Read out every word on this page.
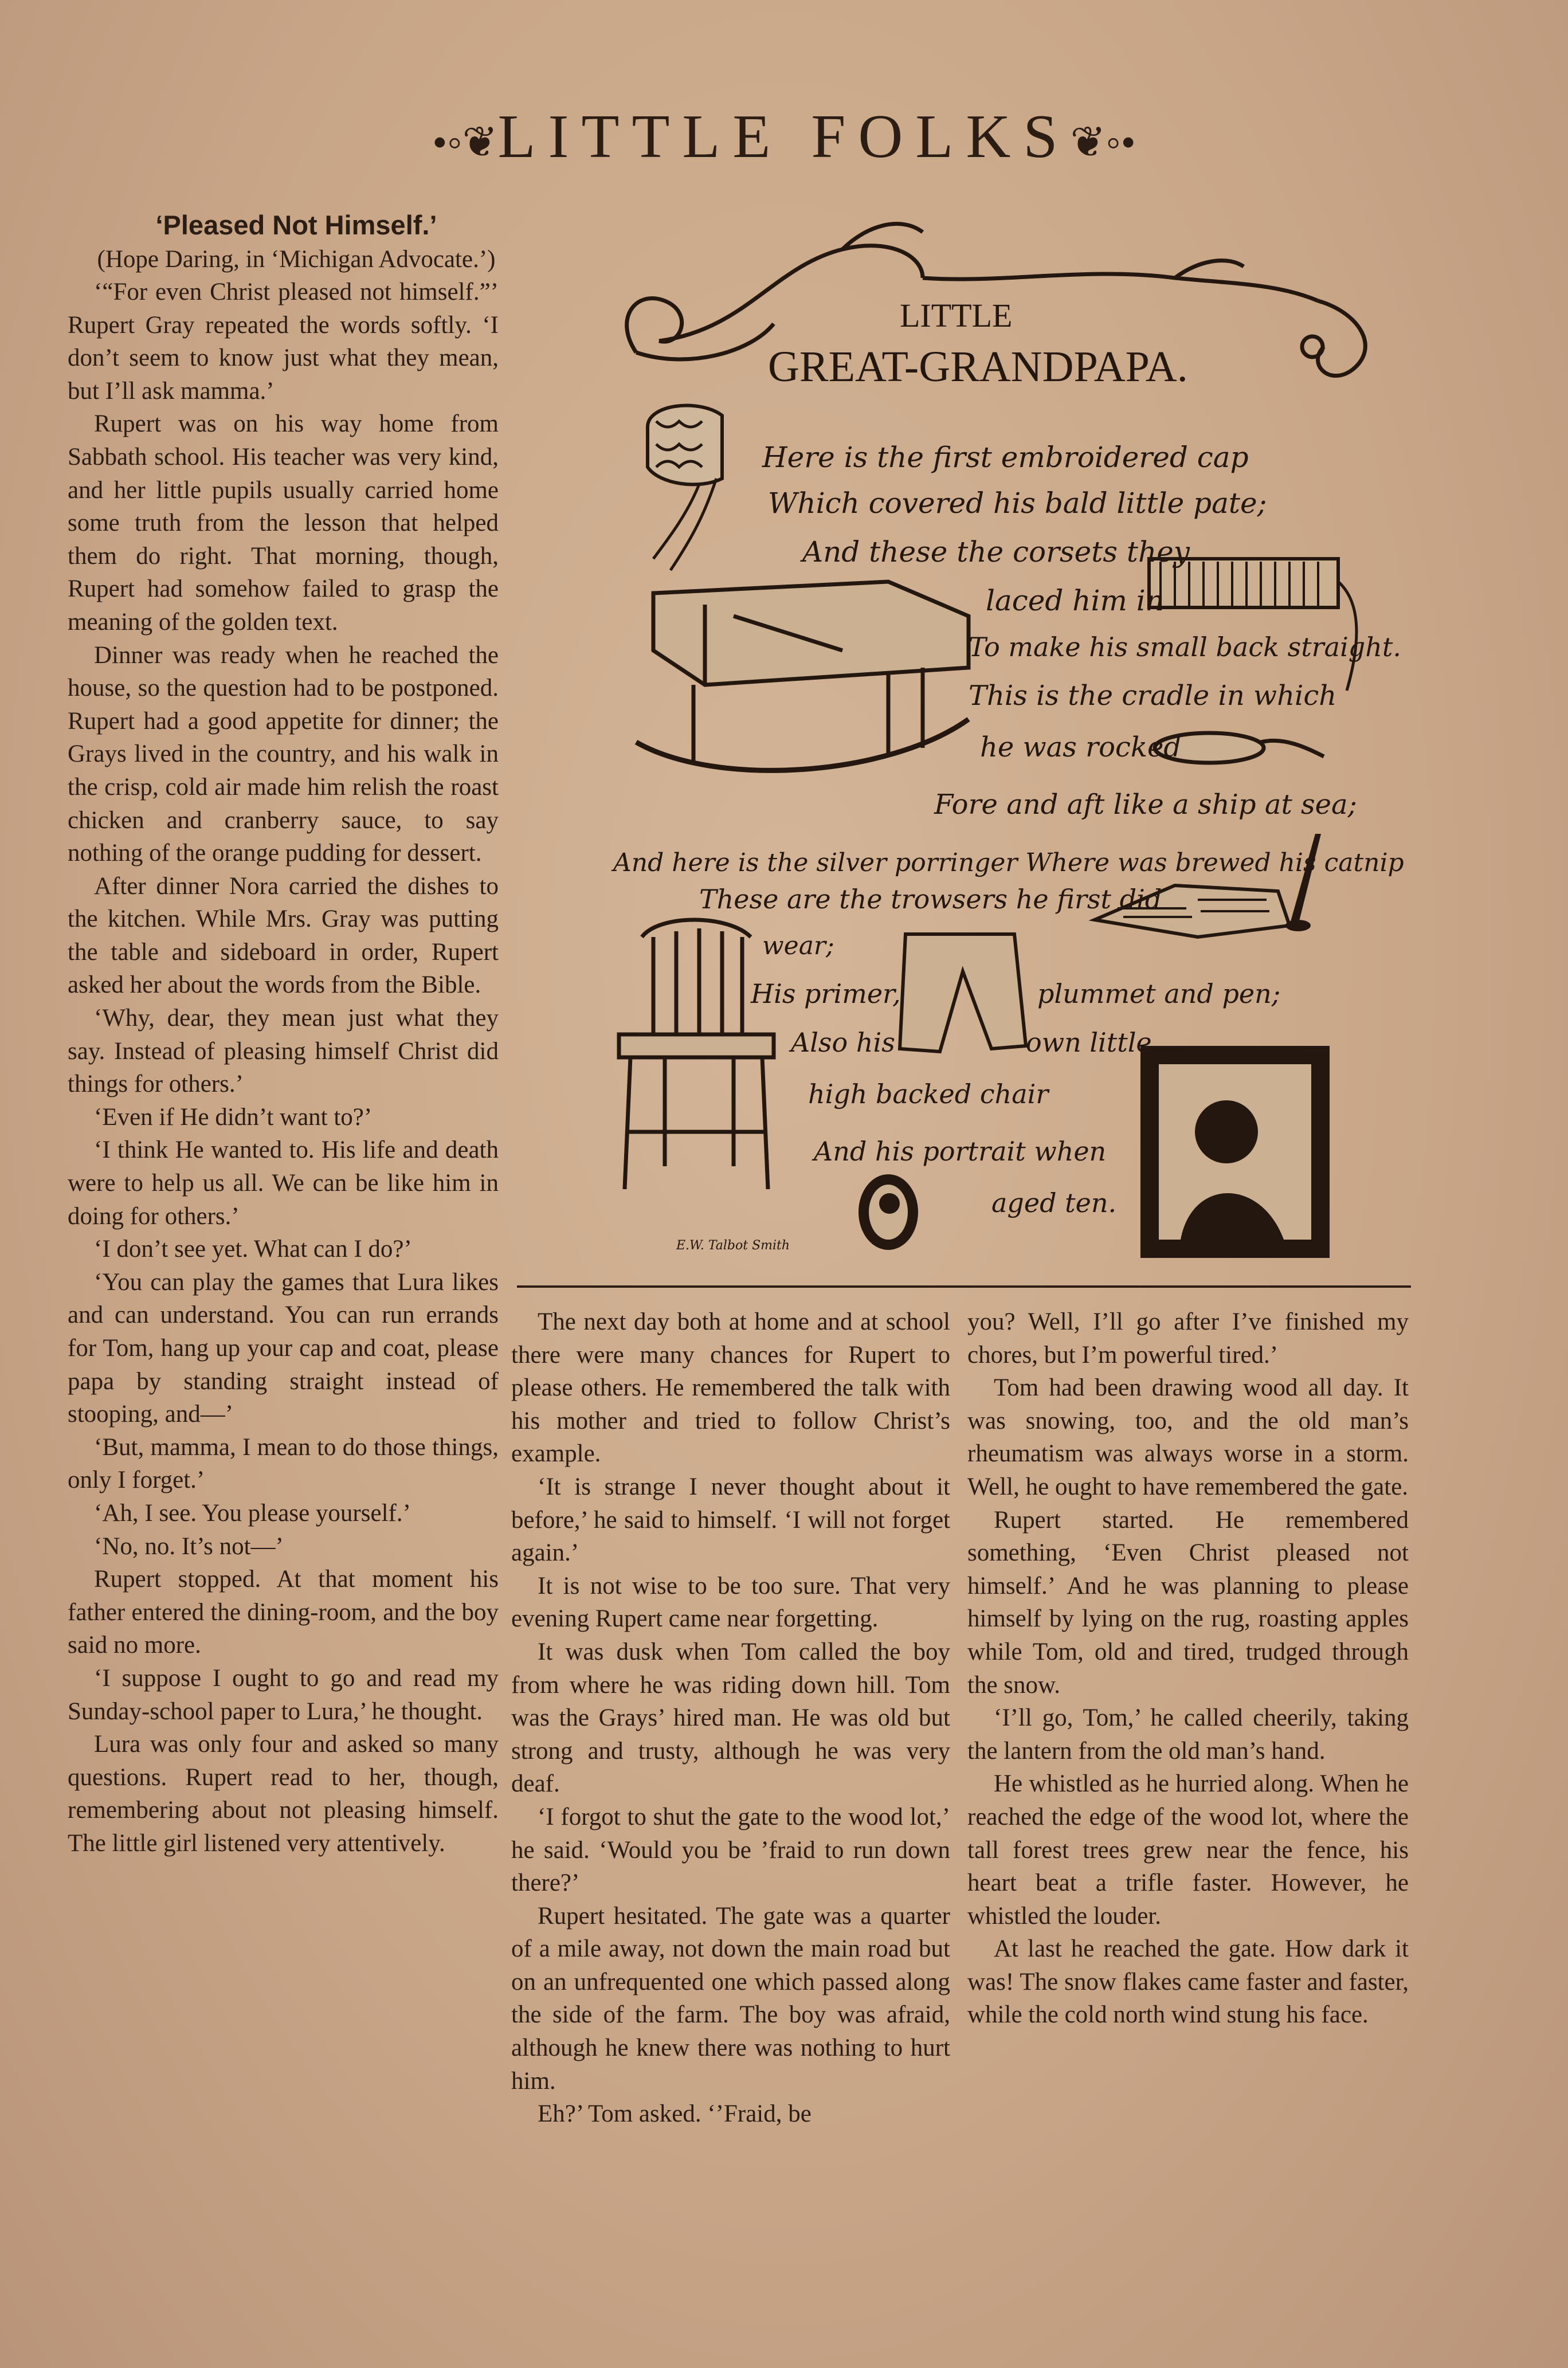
•◦❦LITTLE FOLKS❦◦•

‘Pleased Not Himself.’

(Hope Daring, in ‘Michigan Advocate.’)

‘“For even Christ pleased not himself.”’ Rupert Gray repeated the words softly. ‘I don’t seem to know just what they mean, but I’ll ask mamma.’

Rupert was on his way home from Sabbath school. His teacher was very kind, and her little pupils usually carried home some truth from the lesson that helped them do right. That morning, though, Rupert had somehow failed to grasp the meaning of the golden text.

Dinner was ready when he reached the house, so the question had to be postponed. Rupert had a good appetite for dinner; the Grays lived in the country, and his walk in the crisp, cold air made him relish the roast chicken and cranberry sauce, to say nothing of the orange pudding for dessert.

After dinner Nora carried the dishes to the kitchen. While Mrs. Gray was putting the table and sideboard in order, Rupert asked her about the words from the Bible.

‘Why, dear, they mean just what they say. Instead of pleasing himself Christ did things for others.’

‘Even if He didn’t want to?’

‘I think He wanted to. His life and death were to help us all. We can be like him in doing for others.’

‘I don’t see yet. What can I do?’

‘You can play the games that Lura likes and can understand. You can run errands for Tom, hang up your cap and coat, please papa by standing straight instead of stooping, and—’

‘But, mamma, I mean to do those things, only I forget.’

‘Ah, I see. You please yourself.’

‘No, no. It’s not—’

Rupert stopped. At that moment his father entered the dining-room, and the boy said no more.

‘I suppose I ought to go and read my Sunday-school paper to Lura,’ he thought.

Lura was only four and asked so many questions. Rupert read to her, though, remembering about not pleasing himself. The little girl listened very attentively.

LITTLE
GREAT-GRANDPAPA.
Here is the first embroidered cap
Which covered his bald little pate;
And these the corsets they
laced him in
To make his small back straight.
This is the cradle in which
he was rocked
Fore and aft like a ship at sea;
And here is the silver porringer Where was brewed his catnip tea
These are the trowsers he first did
wear;
His primer,	plummet and pen;
Also his	own little
high backed chair
And his portrait when
aged ten.
E.W. Talbot Smith

The next day both at home and at school there were many chances for Rupert to please others. He remembered the talk with his mother and tried to follow Christ’s example.

‘It is strange I never thought about it before,’ he said to himself. ‘I will not forget again.’

It is not wise to be too sure. That very evening Rupert came near forgetting.

It was dusk when Tom called the boy from where he was riding down hill. Tom was the Grays’ hired man. He was old but strong and trusty, although he was very deaf.

‘I forgot to shut the gate to the wood lot,’ he said. ‘Would you be ’fraid to run down there?’

Rupert hesitated. The gate was a quarter of a mile away, not down the main road but on an unfrequented one which passed along the side of the farm. The boy was afraid, although he knew there was nothing to hurt him.

Eh?’ Tom asked. ‘’Fraid, be

you? Well, I’ll go after I’ve finished my chores, but I’m powerful tired.’

Tom had been drawing wood all day. It was snowing, too, and the old man’s rheumatism was always worse in a storm. Well, he ought to have remembered the gate.

Rupert started. He remembered something, ‘Even Christ pleased not himself.’ And he was planning to please himself by lying on the rug, roasting apples while Tom, old and tired, trudged through the snow.

‘I’ll go, Tom,’ he called cheerily, taking the lantern from the old man’s hand.

He whistled as he hurried along. When he reached the edge of the wood lot, where the tall forest trees grew near the fence, his heart beat a trifle faster. However, he whistled the louder.

At last he reached the gate. How dark it was! The snow flakes came faster and faster, while the cold north wind stung his face.
